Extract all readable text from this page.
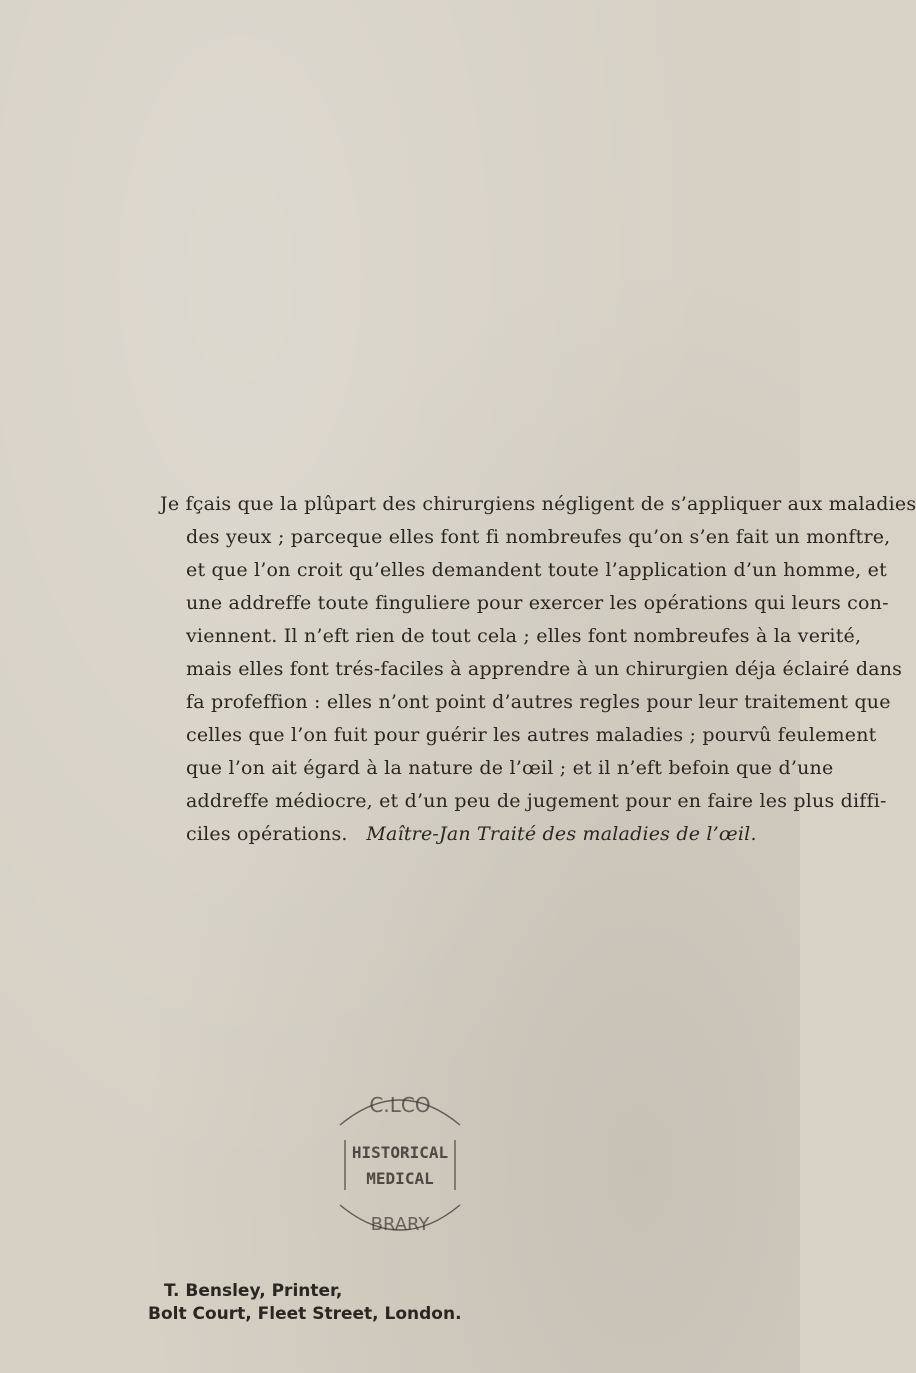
Je fçais que la plûpart des chirurgiens négligent de s’appliquer aux maladies
des yeux ; parceque elles font fi nombreufes qu’on s’en fait un monftre,
et que l’on croit qu’elles demandent toute l’application d’un homme, et
une addreffe toute finguliere pour exercer les opérations qui leurs con-
viennent. Il n’eft rien de tout cela ; elles font nombreufes à la verité,
mais elles font trés-faciles à apprendre à un chirurgien déja éclairé dans
fa profeffion : elles n’ont point d’autres regles pour leur traitement que
celles que l’on fuit pour guérir les autres maladies ; pourvû feulement
que l’on ait égard à la nature de l’œil ; et il n’eft befoin que d’une
addreffe médiocre, et d’un peu de jugement pour en faire les plus diffi-
ciles opérations. Maître-Jan Traité des maladies de l’œil.
C.LCO
HISTORICAL
MEDICAL
BRARY
T. Bensley, Printer,
Bolt Court, Fleet Street, London.
